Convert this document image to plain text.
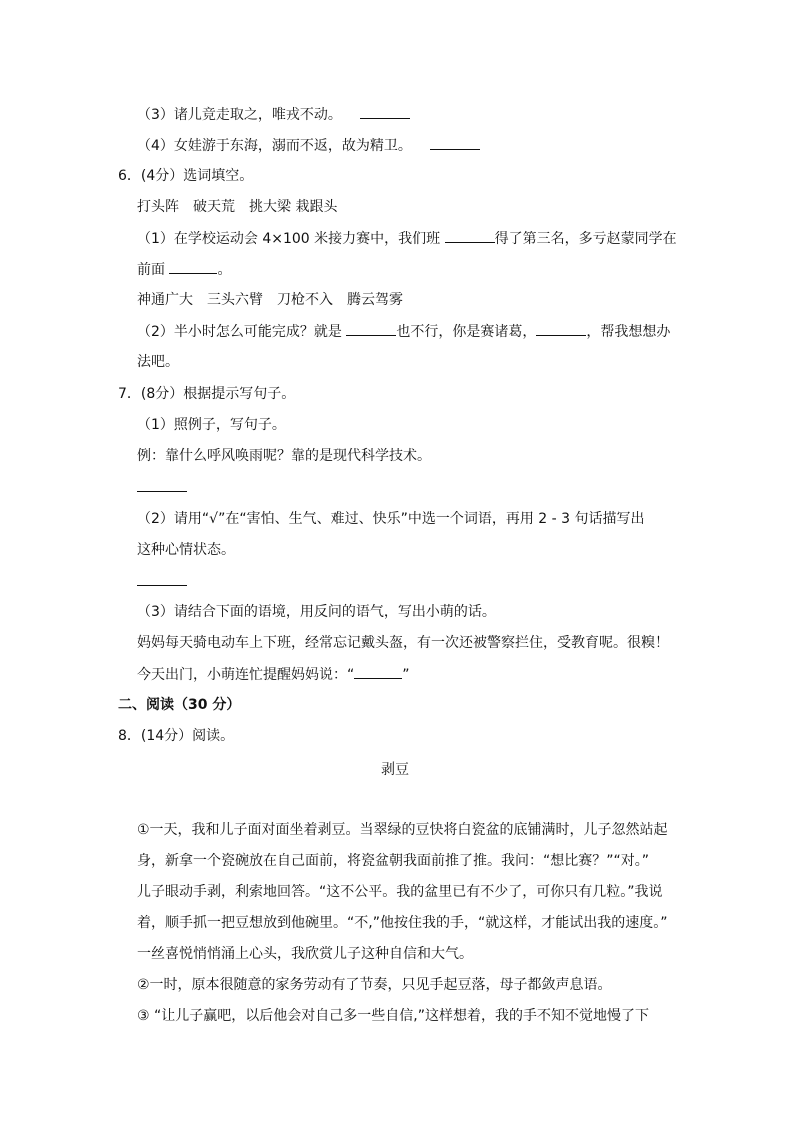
（3）诸儿竞走取之，唯戎不动。
（4）女娃游于东海，溺而不返，故为精卫。
6．(4分）选词填空。
打头阵　破天荒　挑大梁 栽跟头
（1）在学校运动会 4×100 米接力赛中，我们班	得了第三名，多亏赵蒙同学在
前面	。
神通广大　三头六臂　刀枪不入　腾云驾雾
（2）半小时怎么可能完成？就是	也不行，你是赛诸葛，	，帮我想想办
法吧。
7．(8分）根据提示写句子。
（1）照例子，写句子。
例：靠什么呼风唤雨呢？靠的是现代科学技术。
（2）请用“√”在“害怕、生气、难过、快乐”中选一个词语，再用 2 - 3 句话描写出
这种心情状态。
（3）请结合下面的语境，用反问的语气，写出小萌的话。
妈妈每天骑电动车上下班，经常忘记戴头盔，有一次还被警察拦住，受教育呢。很糗！
今天出门，小萌连忙提醒妈妈说：“	”
二、阅读（30 分）
8．(14分）阅读。
剥豆
①一天，我和儿子面对面坐着剥豆。当翠绿的豆快将白瓷盆的底铺满时，儿子忽然站起
身，新拿一个瓷碗放在自己面前，将瓷盆朝我面前推了推。我问：“想比赛？”“对。”
儿子眼动手剥，利索地回答。“这不公平。我的盆里已有不少了，可你只有几粒。”我说
着，顺手抓一把豆想放到他碗里。“不,”他按住我的手，“就这样，才能试出我的速度。”
一丝喜悦悄悄涌上心头，我欣赏儿子这种自信和大气。
②一时，原本很随意的家务劳动有了节奏，只见手起豆落，母子都敛声息语。
③ “让儿子赢吧，以后他会对自己多一些自信,”这样想着，我的手不知不觉地慢了下
